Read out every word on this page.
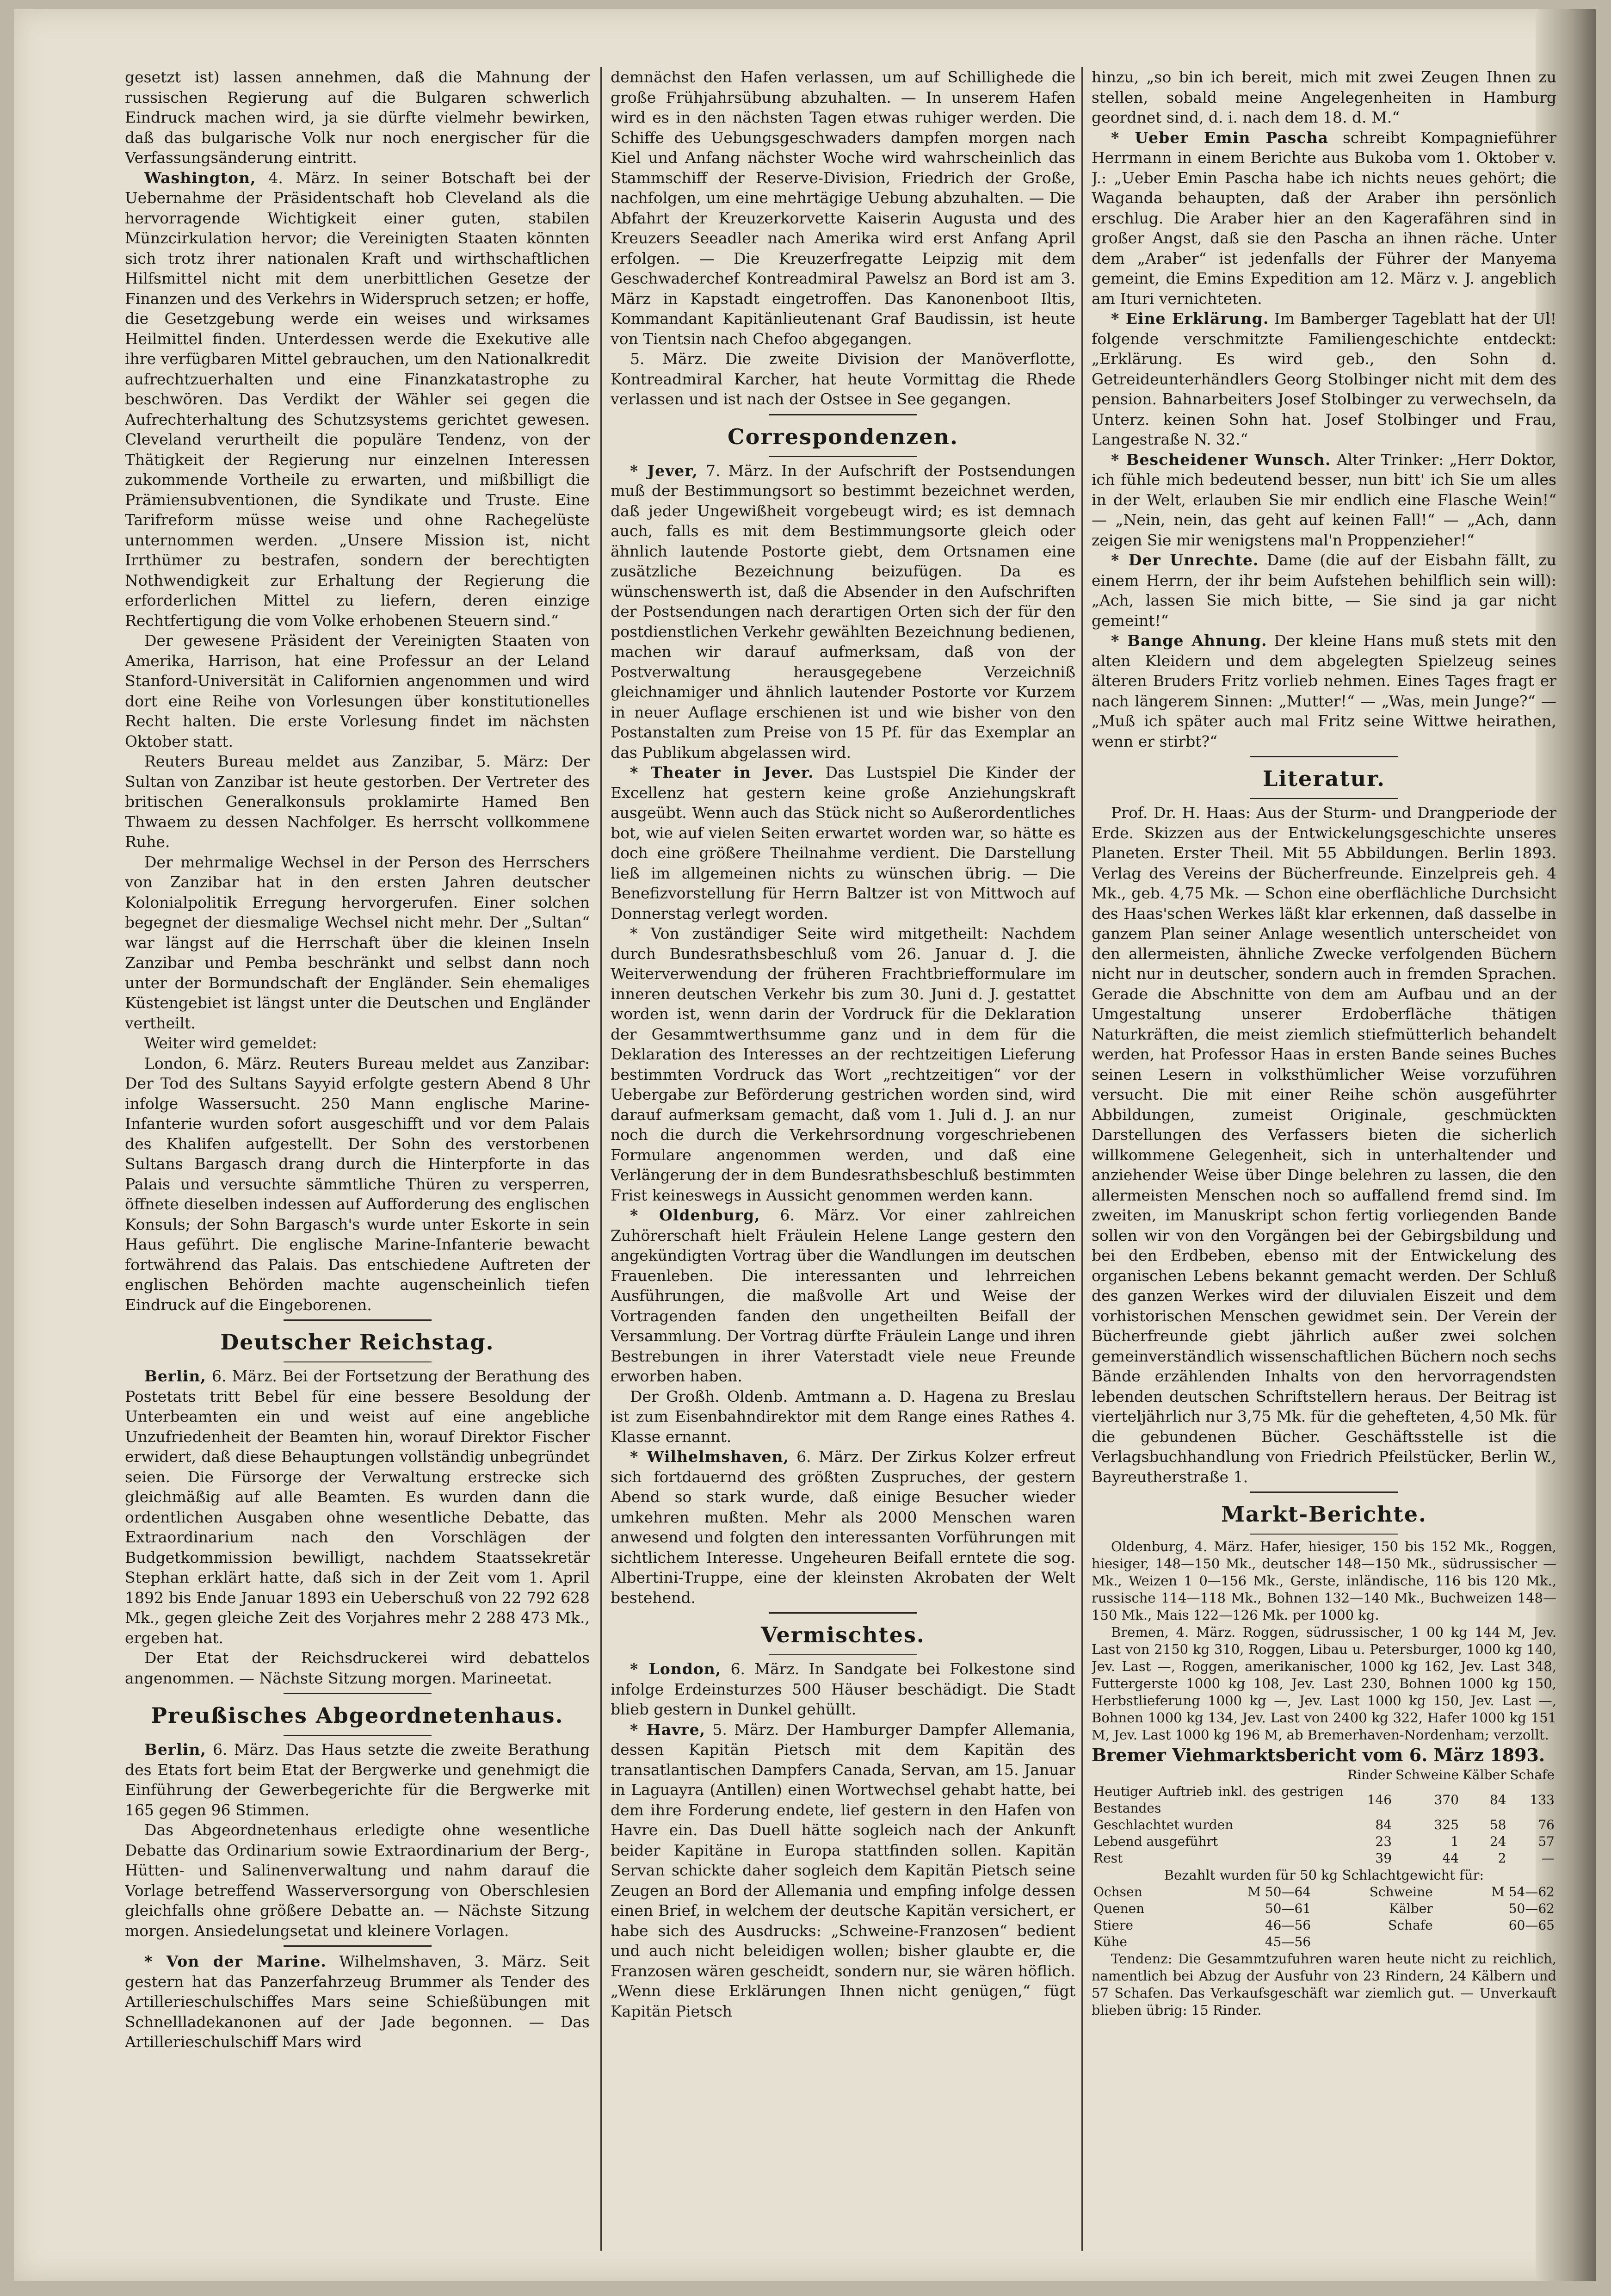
gesetzt ist) lassen annehmen, daß die Mahnung der russischen Regierung auf die Bulgaren schwerlich Eindruck machen wird, ja sie dürfte vielmehr bewirken, daß das bulgarische Volk nur noch energischer für die Verfassungsänderung eintritt.

Washington, 4. März. In seiner Botschaft bei der Uebernahme der Präsidentschaft hob Cleveland als die hervorragende Wichtigkeit einer guten, stabilen Münzcirkulation hervor; die Vereinigten Staaten könnten sich trotz ihrer nationalen Kraft und wirthschaftlichen Hilfsmittel nicht mit dem unerbittlichen Gesetze der Finanzen und des Verkehrs in Widerspruch setzen; er hoffe, die Gesetzgebung werde ein weises und wirksames Heilmittel finden. Unterdessen werde die Exekutive alle ihre verfügbaren Mittel gebrauchen, um den Nationalkredit aufrechtzuerhalten und eine Finanzkatastrophe zu beschwören. Das Verdikt der Wähler sei gegen die Aufrechterhaltung des Schutzsystems gerichtet gewesen. Cleveland verurtheilt die populäre Tendenz, von der Thätigkeit der Regierung nur einzelnen Interessen zukommende Vortheile zu erwarten, und mißbilligt die Prämiensubventionen, die Syndikate und Truste. Eine Tarifreform müsse weise und ohne Rachegelüste unternommen werden. „Unsere Mission ist, nicht Irrthümer zu bestrafen, sondern der berechtigten Nothwendigkeit zur Erhaltung der Regierung die erforderlichen Mittel zu liefern, deren einzige Rechtfertigung die vom Volke erhobenen Steuern sind.“

Der gewesene Präsident der Vereinigten Staaten von Amerika, Harrison, hat eine Professur an der Leland Stanford-Universität in Californien angenommen und wird dort eine Reihe von Vorlesungen über konstitutionelles Recht halten. Die erste Vorlesung findet im nächsten Oktober statt.

Reuters Bureau meldet aus Zanzibar, 5. März: Der Sultan von Zanzibar ist heute gestorben. Der Vertreter des britischen Generalkonsuls proklamirte Hamed Ben Thwaem zu dessen Nachfolger. Es herrscht vollkommene Ruhe.

Der mehrmalige Wechsel in der Person des Herrschers von Zanzibar hat in den ersten Jahren deutscher Kolonialpolitik Erregung hervorgerufen. Einer solchen begegnet der diesmalige Wechsel nicht mehr. Der „Sultan“ war längst auf die Herrschaft über die kleinen Inseln Zanzibar und Pemba beschränkt und selbst dann noch unter der Bormundschaft der Engländer. Sein ehemaliges Küstengebiet ist längst unter die Deutschen und Engländer vertheilt.

Weiter wird gemeldet:

London, 6. März. Reuters Bureau meldet aus Zanzibar: Der Tod des Sultans Sayyid erfolgte gestern Abend 8 Uhr infolge Wassersucht. 250 Mann englische Marine-Infanterie wurden sofort ausgeschifft und vor dem Palais des Khalifen aufgestellt. Der Sohn des verstorbenen Sultans Bargasch drang durch die Hinterpforte in das Palais und versuchte sämmtliche Thüren zu versperren, öffnete dieselben indessen auf Aufforderung des englischen Konsuls; der Sohn Bargasch's wurde unter Eskorte in sein Haus geführt. Die englische Marine-Infanterie bewacht fortwährend das Palais. Das entschiedene Auftreten der englischen Behörden machte augenscheinlich tiefen Eindruck auf die Eingeborenen.

Deutscher Reichstag.

Berlin, 6. März. Bei der Fortsetzung der Berathung des Postetats tritt Bebel für eine bessere Besoldung der Unterbeamten ein und weist auf eine angebliche Unzufriedenheit der Beamten hin, worauf Direktor Fischer erwidert, daß diese Behauptungen vollständig unbegründet seien. Die Fürsorge der Verwaltung erstrecke sich gleichmäßig auf alle Beamten. Es wurden dann die ordentlichen Ausgaben ohne wesentliche Debatte, das Extraordinarium nach den Vorschlägen der Budgetkommission bewilligt, nachdem Staatssekretär Stephan erklärt hatte, daß sich in der Zeit vom 1. April 1892 bis Ende Januar 1893 ein Ueberschuß von 22 792 628 Mk., gegen gleiche Zeit des Vorjahres mehr 2 288 473 Mk., ergeben hat.

Der Etat der Reichsdruckerei wird debattelos angenommen. — Nächste Sitzung morgen. Marineetat.

Preußisches Abgeordnetenhaus.

Berlin, 6. März. Das Haus setzte die zweite Berathung des Etats fort beim Etat der Bergwerke und genehmigt die Einführung der Gewerbegerichte für die Bergwerke mit 165 gegen 96 Stimmen.

Das Abgeordnetenhaus erledigte ohne wesentliche Debatte das Ordinarium sowie Extraordinarium der Berg-, Hütten- und Salinenverwaltung und nahm darauf die Vorlage betreffend Wasserversorgung von Oberschlesien gleichfalls ohne größere Debatte an. — Nächste Sitzung morgen. Ansiedelungsetat und kleinere Vorlagen.

* Von der Marine. Wilhelmshaven, 3. März. Seit gestern hat das Panzerfahrzeug Brummer als Tender des Artillerieschulschiffes Mars seine Schießübungen mit Schnellladekanonen auf der Jade begonnen. — Das Artillerieschulschiff Mars wird

demnächst den Hafen verlassen, um auf Schillighede die große Frühjahrsübung abzuhalten. — In unserem Hafen wird es in den nächsten Tagen etwas ruhiger werden. Die Schiffe des Uebungsgeschwaders dampfen morgen nach Kiel und Anfang nächster Woche wird wahrscheinlich das Stammschiff der Reserve-Division, Friedrich der Große, nachfolgen, um eine mehrtägige Uebung abzuhalten. — Die Abfahrt der Kreuzerkorvette Kaiserin Augusta und des Kreuzers Seeadler nach Amerika wird erst Anfang April erfolgen. — Die Kreuzerfregatte Leipzig mit dem Geschwaderchef Kontreadmiral Pawelsz an Bord ist am 3. März in Kapstadt eingetroffen. Das Kanonenboot Iltis, Kommandant Kapitänlieutenant Graf Baudissin, ist heute von Tientsin nach Chefoo abgegangen.

5. März. Die zweite Division der Manöverflotte, Kontreadmiral Karcher, hat heute Vormittag die Rhede verlassen und ist nach der Ostsee in See gegangen.

Correspondenzen.

* Jever, 7. März. In der Aufschrift der Postsendungen muß der Bestimmungsort so bestimmt bezeichnet werden, daß jeder Ungewißheit vorgebeugt wird; es ist demnach auch, falls es mit dem Bestimmungsorte gleich oder ähnlich lautende Postorte giebt, dem Ortsnamen eine zusätzliche Bezeichnung beizufügen. Da es wünschenswerth ist, daß die Absender in den Aufschriften der Postsendungen nach derartigen Orten sich der für den postdienstlichen Verkehr gewählten Bezeichnung bedienen, machen wir darauf aufmerksam, daß von der Postverwaltung herausgegebene Verzeichniß gleichnamiger und ähnlich lautender Postorte vor Kurzem in neuer Auflage erschienen ist und wie bisher von den Postanstalten zum Preise von 15 Pf. für das Exemplar an das Publikum abgelassen wird.

* Theater in Jever. Das Lustspiel Die Kinder der Excellenz hat gestern keine große Anziehungskraft ausgeübt. Wenn auch das Stück nicht so Außerordentliches bot, wie auf vielen Seiten erwartet worden war, so hätte es doch eine größere Theilnahme verdient. Die Darstellung ließ im allgemeinen nichts zu wünschen übrig. — Die Benefizvorstellung für Herrn Baltzer ist von Mittwoch auf Donnerstag verlegt worden.

* Von zuständiger Seite wird mitgetheilt: Nachdem durch Bundesrathsbeschluß vom 26. Januar d. J. die Weiterverwendung der früheren Frachtbriefformulare im inneren deutschen Verkehr bis zum 30. Juni d. J. gestattet worden ist, wenn darin der Vordruck für die Deklaration der Gesammtwerthsumme ganz und in dem für die Deklaration des Interesses an der rechtzeitigen Lieferung bestimmten Vordruck das Wort „rechtzeitigen“ vor der Uebergabe zur Beförderung gestrichen worden sind, wird darauf aufmerksam gemacht, daß vom 1. Juli d. J. an nur noch die durch die Verkehrsordnung vorgeschriebenen Formulare angenommen werden, und daß eine Verlängerung der in dem Bundesrathsbeschluß bestimmten Frist keineswegs in Aussicht genommen werden kann.

* Oldenburg, 6. März. Vor einer zahlreichen Zuhörerschaft hielt Fräulein Helene Lange gestern den angekündigten Vortrag über die Wandlungen im deutschen Frauenleben. Die interessanten und lehrreichen Ausführungen, die maßvolle Art und Weise der Vortragenden fanden den ungetheilten Beifall der Versammlung. Der Vortrag dürfte Fräulein Lange und ihren Bestrebungen in ihrer Vaterstadt viele neue Freunde erworben haben.

Der Großh. Oldenb. Amtmann a. D. Hagena zu Breslau ist zum Eisenbahndirektor mit dem Range eines Rathes 4. Klasse ernannt.

* Wilhelmshaven, 6. März. Der Zirkus Kolzer erfreut sich fortdauernd des größten Zuspruches, der gestern Abend so stark wurde, daß einige Besucher wieder umkehren mußten. Mehr als 2000 Menschen waren anwesend und folgten den interessanten Vorführungen mit sichtlichem Interesse. Ungeheuren Beifall erntete die sog. Albertini-Truppe, eine der kleinsten Akrobaten der Welt bestehend.

Vermischtes.

* London, 6. März. In Sandgate bei Folkestone sind infolge Erdeinsturzes 500 Häuser beschädigt. Die Stadt blieb gestern in Dunkel gehüllt.

* Havre, 5. März. Der Hamburger Dampfer Allemania, dessen Kapitän Pietsch mit dem Kapitän des transatlantischen Dampfers Canada, Servan, am 15. Januar in Laguayra (Antillen) einen Wortwechsel gehabt hatte, bei dem ihre Forderung endete, lief gestern in den Hafen von Havre ein. Das Duell hätte sogleich nach der Ankunft beider Kapitäne in Europa stattfinden sollen. Kapitän Servan schickte daher sogleich dem Kapitän Pietsch seine Zeugen an Bord der Allemania und empfing infolge dessen einen Brief, in welchem der deutsche Kapitän versichert, er habe sich des Ausdrucks: „Schweine-Franzosen“ bedient und auch nicht beleidigen wollen; bisher glaubte er, die Franzosen wären gescheidt, sondern nur, sie wären höflich. „Wenn diese Erklärungen Ihnen nicht genügen,“ fügt Kapitän Pietsch

hinzu, „so bin ich bereit, mich mit zwei Zeugen Ihnen zu stellen, sobald meine Angelegenheiten in Hamburg geordnet sind, d. i. nach dem 18. d. M.“

* Ueber Emin Pascha schreibt Kompagnieführer Herrmann in einem Berichte aus Bukoba vom 1. Oktober v. J.: „Ueber Emin Pascha habe ich nichts neues gehört; die Waganda behaupten, daß der Araber ihn persönlich erschlug. Die Araber hier an den Kagerafähren sind in großer Angst, daß sie den Pascha an ihnen räche. Unter dem „Araber“ ist jedenfalls der Führer der Manyema gemeint, die Emins Expedition am 12. März v. J. angeblich am Ituri vernichteten.

* Eine Erklärung. Im Bamberger Tageblatt hat der Ul! folgende verschmitzte Familiengeschichte entdeckt: „Erklärung. Es wird geb., den Sohn d. Getreideunterhändlers Georg Stolbinger nicht mit dem des pension. Bahnarbeiters Josef Stolbinger zu verwechseln, da Unterz. keinen Sohn hat. Josef Stolbinger und Frau, Langestraße N. 32.“

* Bescheidener Wunsch. Alter Trinker: „Herr Doktor, ich fühle mich bedeutend besser, nun bitt' ich Sie um alles in der Welt, erlauben Sie mir endlich eine Flasche Wein!“ — „Nein, nein, das geht auf keinen Fall!“ — „Ach, dann zeigen Sie mir wenigstens mal'n Proppenzieher!“

* Der Unrechte. Dame (die auf der Eisbahn fällt, zu einem Herrn, der ihr beim Aufstehen behilflich sein will): „Ach, lassen Sie mich bitte, — Sie sind ja gar nicht gemeint!“

* Bange Ahnung. Der kleine Hans muß stets mit den alten Kleidern und dem abgelegten Spielzeug seines älteren Bruders Fritz vorlieb nehmen. Eines Tages fragt er nach längerem Sinnen: „Mutter!“ — „Was, mein Junge?“ — „Muß ich später auch mal Fritz seine Wittwe heirathen, wenn er stirbt?“

Literatur.

Prof. Dr. H. Haas: Aus der Sturm- und Drangperiode der Erde. Skizzen aus der Entwickelungsgeschichte unseres Planeten. Erster Theil. Mit 55 Abbildungen. Berlin 1893. Verlag des Vereins der Bücherfreunde. Einzelpreis geh. 4 Mk., geb. 4,75 Mk. — Schon eine oberflächliche Durchsicht des Haas'schen Werkes läßt klar erkennen, daß dasselbe in ganzem Plan seiner Anlage wesentlich unterscheidet von den allermeisten, ähnliche Zwecke verfolgenden Büchern nicht nur in deutscher, sondern auch in fremden Sprachen. Gerade die Abschnitte von dem am Aufbau und an der Umgestaltung unserer Erdoberfläche thätigen Naturkräften, die meist ziemlich stiefmütterlich behandelt werden, hat Professor Haas in ersten Bande seines Buches seinen Lesern in volksthümlicher Weise vorzuführen versucht. Die mit einer Reihe schön ausgeführter Abbildungen, zumeist Originale, geschmückten Darstellungen des Verfassers bieten die sicherlich willkommene Gelegenheit, sich in unterhaltender und anziehender Weise über Dinge belehren zu lassen, die den allermeisten Menschen noch so auffallend fremd sind. Im zweiten, im Manuskript schon fertig vorliegenden Bande sollen wir von den Vorgängen bei der Gebirgsbildung und bei den Erdbeben, ebenso mit der Entwickelung des organischen Lebens bekannt gemacht werden. Der Schluß des ganzen Werkes wird der diluvialen Eiszeit und dem vorhistorischen Menschen gewidmet sein. Der Verein der Bücherfreunde giebt jährlich außer zwei solchen gemeinverständlich wissenschaftlichen Büchern noch sechs Bände erzählenden Inhalts von den hervorragendsten lebenden deutschen Schriftstellern heraus. Der Beitrag ist vierteljährlich nur 3,75 Mk. für die gehefteten, 4,50 Mk. für die gebundenen Bücher. Geschäftsstelle ist die Verlagsbuchhandlung von Friedrich Pfeilstücker, Berlin W., Bayreutherstraße 1.

Markt-Berichte.

Oldenburg, 4. März. Hafer, hiesiger, 150 bis 152 Mk., Roggen, hiesiger, 148—150 Mk., deutscher 148—150 Mk., südrussischer — Mk., Weizen 1 0—156 Mk., Gerste, inländische, 116 bis 120 Mk., russische 114—118 Mk., Bohnen 132—140 Mk., Buchweizen 148—150 Mk., Mais 122—126 Mk. per 1000 kg.

Bremen, 4. März. Roggen, südrussischer, 1 00 kg 144 M, Jev. Last von 2150 kg 310, Roggen, Libau u. Petersburger, 1000 kg 140, Jev. Last —, Roggen, amerikanischer, 1000 kg 162, Jev. Last 348, Futtergerste 1000 kg 108, Jev. Last 230, Bohnen 1000 kg 150, Herbstlieferung 1000 kg —, Jev. Last 1000 kg 150, Jev. Last —, Bohnen 1000 kg 134, Jev. Last von 2400 kg 322, Hafer 1000 kg 151 M, Jev. Last 1000 kg 196 M, ab Bremerhaven-Nordenham; verzollt.

Bremer Viehmarktsbericht vom 6. März 1893.

	Rinder	Schweine	Kälber	Schafe
Heutiger Auftrieb inkl. des gestrigen Bestandes	146	370	84	133
Geschlachtet wurden	84	325	58	76
Lebend ausgeführt	23	1	24	57
Rest	39	44	2	—

Bezahlt wurden für 50 kg Schlachtgewicht für:

Ochsen	M 50—64	Schweine	M 54—62
Quenen	50—61	Kälber	50—62
Stiere	46—56	Schafe	60—65
Kühe	45—56		

Tendenz: Die Gesammtzufuhren waren heute nicht zu reichlich, namentlich bei Abzug der Ausfuhr von 23 Rindern, 24 Kälbern und 57 Schafen. Das Verkaufsgeschäft war ziemlich gut. — Unverkauft blieben übrig: 15 Rinder.
